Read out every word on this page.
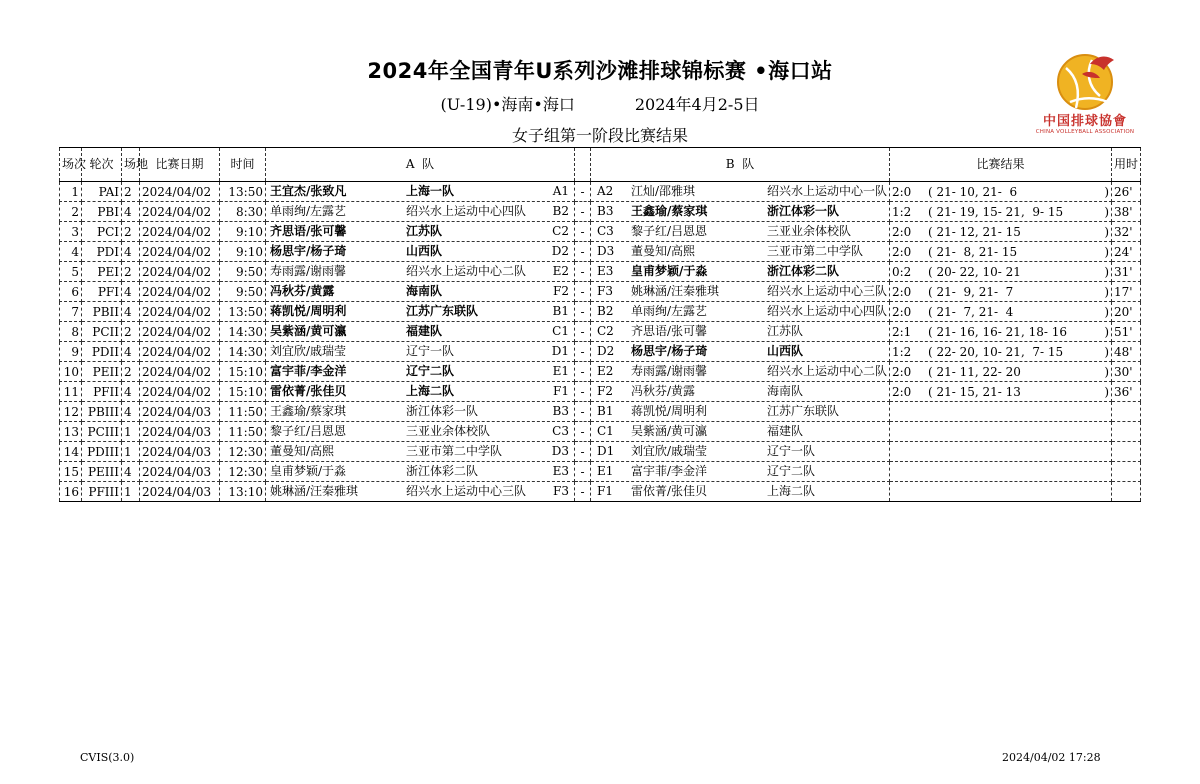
2024年全国青年U系列沙滩排球锦标赛 •海口站
(U-19)•海南•海口	2024年4月2-5日
女子组第一阶段比赛结果
中国排球協會
CHINA VOLLEYBALL ASSOCIATION
场次	轮次	场地	比赛日期	时间	A  队		B  队	比赛结果	用时
1	PAI	2	2024/04/02	13:50	王宜杰/张致凡 上海一队 A1	-	A2 江灿/邵雅琪 绍兴水上运动中心一队	2:0 ( 21- 10, 21-  6 )	26'
2	PBI	4	2024/04/02	8:30	单雨绚/左露艺 绍兴水上运动中心四队 B2	-	B3 王鑫瑜/蔡家琪 浙江体彩一队	1:2 ( 21- 19, 15- 21,  9- 15 )	38'
3	PCI	2	2024/04/02	9:10	齐思语/张可馨 江苏队 C2	-	C3 黎子红/吕恩恩 三亚业余体校队	2:0 ( 21- 12, 21- 15 )	32'
4	PDI	4	2024/04/02	9:10	杨思宇/杨子琦 山西队 D2	-	D3 董曼知/高熙 三亚市第二中学队	2:0 ( 21-  8, 21- 15 )	24'
5	PEI	2	2024/04/02	9:50	寿雨露/谢雨馨 绍兴水上运动中心二队 E2	-	E3 皇甫梦颖/于淼 浙江体彩二队	0:2 ( 20- 22, 10- 21 )	31'
6	PFI	4	2024/04/02	9:50	冯秋芬/黄露 海南队 F2	-	F3 姚琳涵/汪秦雅琪 绍兴水上运动中心三队	2:0 ( 21-  9, 21-  7 )	17'
7	PBII	4	2024/04/02	13:50	蒋凯悦/周明利 江苏广东联队 B1	-	B2 单雨绚/左露艺 绍兴水上运动中心四队	2:0 ( 21-  7, 21-  4 )	20'
8	PCII	2	2024/04/02	14:30	吴紫涵/黄可瀛 福建队 C1	-	C2 齐思语/张可馨 江苏队	2:1 ( 21- 16, 16- 21, 18- 16 )	51'
9	PDII	4	2024/04/02	14:30	刘宜欣/戚瑞莹 辽宁一队 D1	-	D2 杨思宇/杨子琦 山西队	1:2 ( 22- 20, 10- 21,  7- 15 )	48'
10	PEII	2	2024/04/02	15:10	富宇菲/李金洋 辽宁二队 E1	-	E2 寿雨露/谢雨馨 绍兴水上运动中心二队	2:0 ( 21- 11, 22- 20 )	30'
11	PFII	4	2024/04/02	15:10	雷依菁/张佳贝 上海二队 F1	-	F2 冯秋芬/黄露 海南队	2:0 ( 21- 15, 21- 13 )	36'
12	PBIII	4	2024/04/03	11:50	王鑫瑜/蔡家琪 浙江体彩一队 B3	-	B1 蒋凯悦/周明利 江苏广东联队		

13	PCIII	1	2024/04/03	11:50	黎子红/吕恩恩 三亚业余体校队 C3	-	C1 吴紫涵/黄可瀛 福建队		

14	PDIII	1	2024/04/03	12:30	董曼知/高熙 三亚市第二中学队 D3	-	D1 刘宜欣/戚瑞莹 辽宁一队		

15	PEIII	4	2024/04/03	12:30	皇甫梦颖/于淼 浙江体彩二队 E3	-	E1 富宇菲/李金洋 辽宁二队		

16	PFIII	1	2024/04/03	13:10	姚琳涵/汪秦雅琪 绍兴水上运动中心三队 F3	-	F1 雷依菁/张佳贝 上海二队		

CVIS(3.0)	2024/04/02 17:28
